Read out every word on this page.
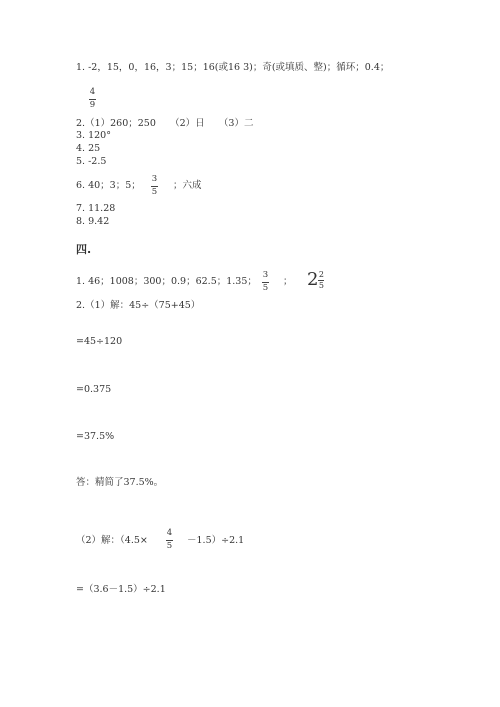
1. -2，15，0，16，3；15；16(或16 3)；奇(或填质、整)；循环；0.4；
4
9
2.（1）260；250　　（2）日　　（3）二
3. 120°
4. 25
5. -2.5
6. 40；3；5；
3
5
；六成
7. 11.28
8. 9.42
四.
1. 46；1008；300；0.9；62.5；1.35；
3
5
； $2 \frac{2}{5}$
2.（1）解：45÷（75+45）
=45÷120
=0.375
=37.5%
答：精简了37.5%。
（2）解：（4.5×
4
5 －1.5）÷2.1
=（3.6－1.5）÷2.1
